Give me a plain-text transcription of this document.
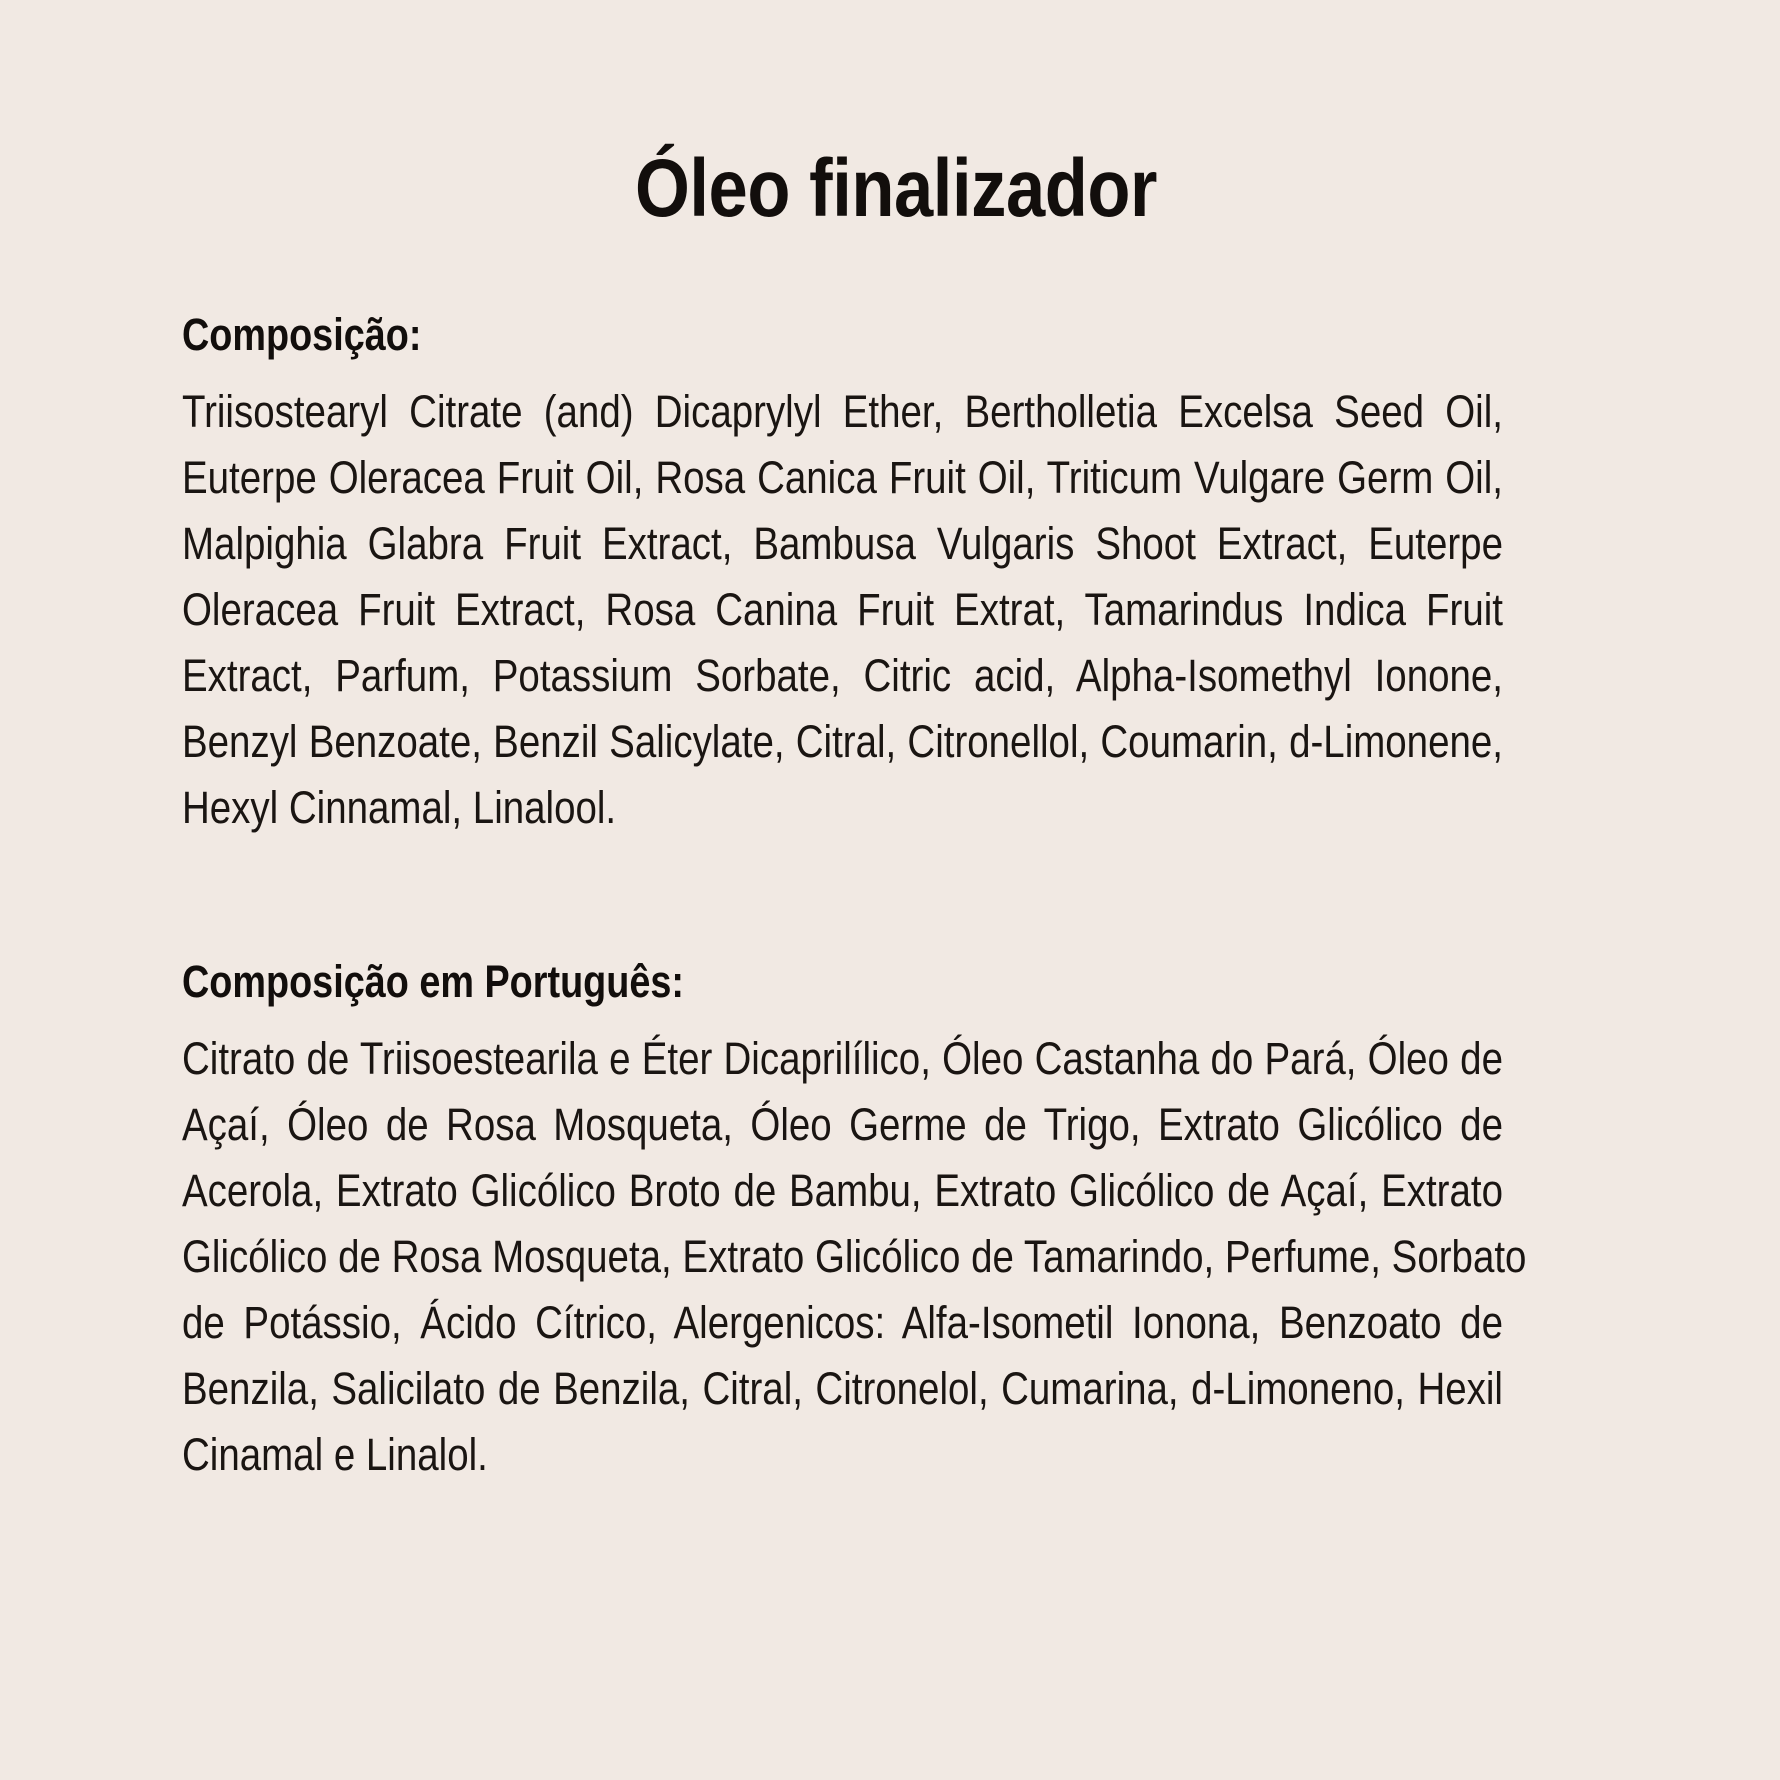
Óleo finalizador
Composição:
Triisostearyl Citrate (and) Dicaprylyl Ether, Bertholletia Excelsa Seed Oil,
Euterpe Oleracea Fruit Oil, Rosa Canica Fruit Oil, Triticum Vulgare Germ Oil,
Malpighia Glabra Fruit Extract, Bambusa Vulgaris Shoot Extract, Euterpe
Oleracea Fruit Extract, Rosa Canina Fruit Extrat, Tamarindus Indica Fruit
Extract, Parfum, Potassium Sorbate, Citric acid, Alpha-Isomethyl Ionone,
Benzyl Benzoate, Benzil Salicylate, Citral, Citronellol, Coumarin, d-Limonene,
Hexyl Cinnamal, Linalool.
Composição em Português:
Citrato de Triisoestearila e Éter Dicaprilílico, Óleo Castanha do Pará, Óleo de
Açaí, Óleo de Rosa Mosqueta, Óleo Germe de Trigo, Extrato Glicólico de
Acerola, Extrato Glicólico Broto de Bambu, Extrato Glicólico de Açaí, Extrato
Glicólico de Rosa Mosqueta, Extrato Glicólico de Tamarindo, Perfume, Sorbato
de Potássio, Ácido Cítrico, Alergenicos: Alfa-Isometil Ionona, Benzoato de
Benzila, Salicilato de Benzila, Citral, Citronelol, Cumarina, d-Limoneno, Hexil
Cinamal e Linalol.
